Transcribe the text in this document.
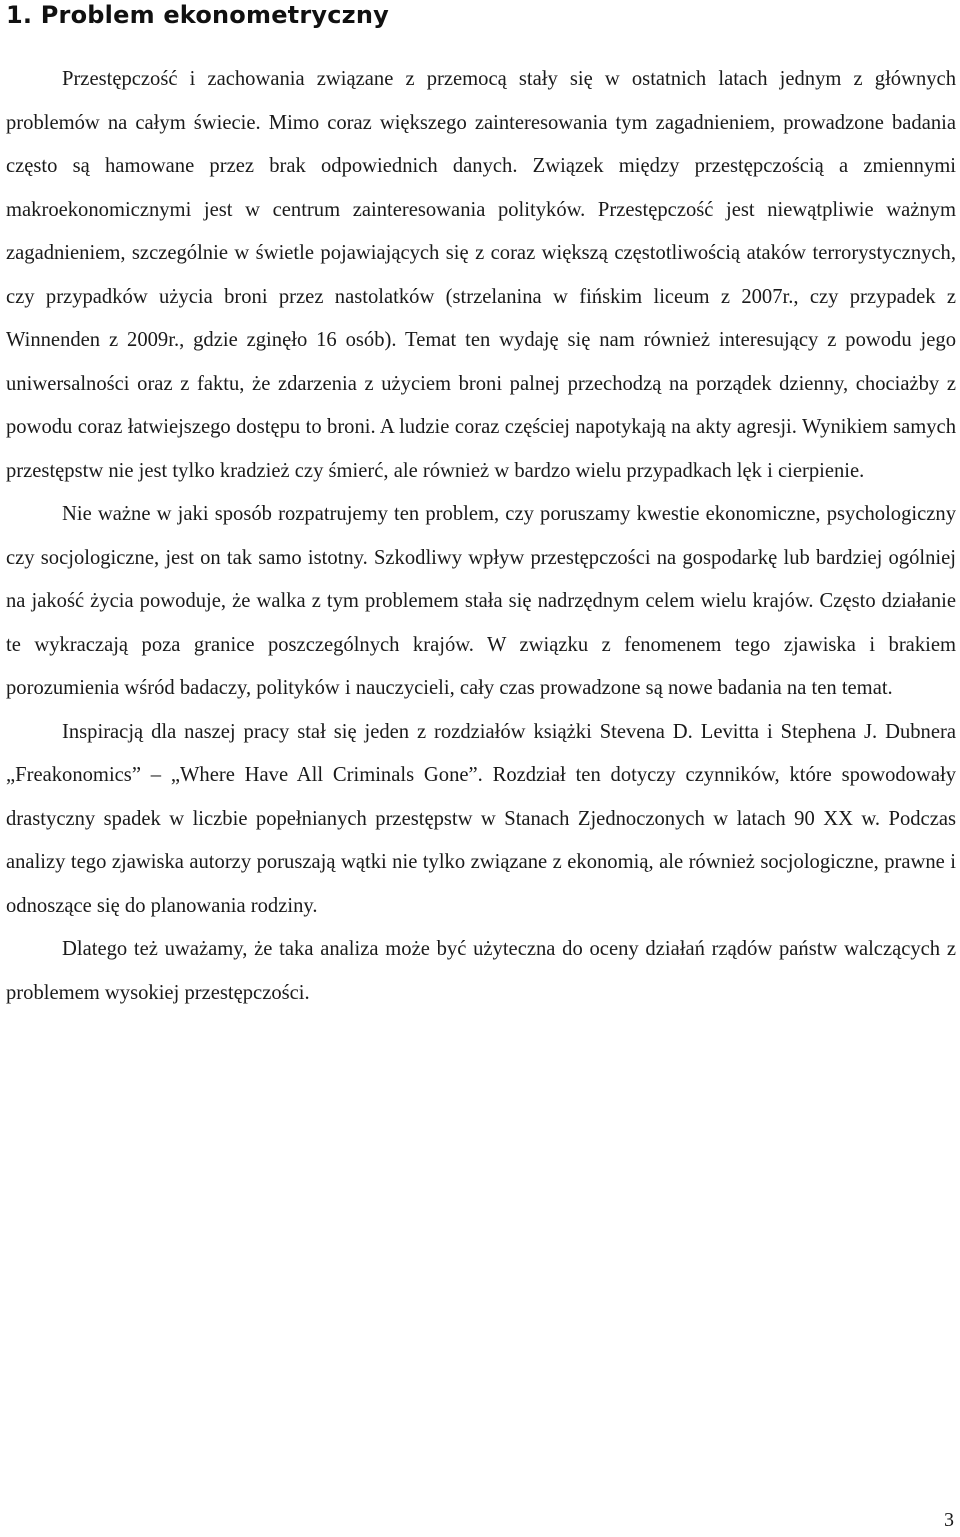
1. Problem ekonometryczny

Przestępczość i zachowania związane z przemocą stały się w ostatnich latach jednym z głównych problemów na całym świecie. Mimo coraz większego zainteresowania tym zagadnieniem, prowadzone badania często są hamowane przez brak odpowiednich danych. Związek między przestępczością a zmiennymi makroekonomicznymi jest w centrum zainteresowania polityków. Przestępczość jest niewątpliwie ważnym zagadnieniem, szczególnie w świetle pojawiających się z coraz większą częstotliwością ataków terrorystycznych, czy przypadków użycia broni przez nastolatków (strzelanina w fińskim liceum z 2007r., czy przypadek z Winnenden z 2009r., gdzie zginęło 16 osób). Temat ten wydaję się nam również interesujący z powodu jego uniwersalności oraz z faktu, że zdarzenia z użyciem broni palnej przechodzą na porządek dzienny, chociażby z powodu coraz łatwiejszego dostępu to broni. A ludzie coraz częściej napotykają na akty agresji. Wynikiem samych przestępstw nie jest tylko kradzież czy śmierć, ale również w bardzo wielu przypadkach lęk i cierpienie.

Nie ważne w jaki sposób rozpatrujemy ten problem, czy poruszamy kwestie ekonomiczne, psychologiczny czy socjologiczne, jest on tak samo istotny. Szkodliwy wpływ przestępczości na gospodarkę lub bardziej ogólniej na jakość życia powoduje, że walka z tym problemem stała się nadrzędnym celem wielu krajów. Często działanie te wykraczają poza granice poszczególnych krajów. W związku z fenomenem tego zjawiska i brakiem porozumienia wśród badaczy, polityków i nauczycieli, cały czas prowadzone są nowe badania na ten temat.

Inspiracją dla naszej pracy stał się jeden z rozdziałów książki Stevena D. Levitta i Stephena J. Dubnera „Freakonomics” – „Where Have All Criminals Gone”. Rozdział ten dotyczy czynników, które spowodowały drastyczny spadek w liczbie popełnianych przestępstw w Stanach Zjednoczonych w latach 90 XX w. Podczas analizy tego zjawiska autorzy poruszają wątki nie tylko związane z ekonomią, ale również socjologiczne, prawne i odnoszące się do planowania rodziny.

Dlatego też uważamy, że taka analiza może być użyteczna do oceny działań rządów państw walczących z problemem wysokiej przestępczości.

3
